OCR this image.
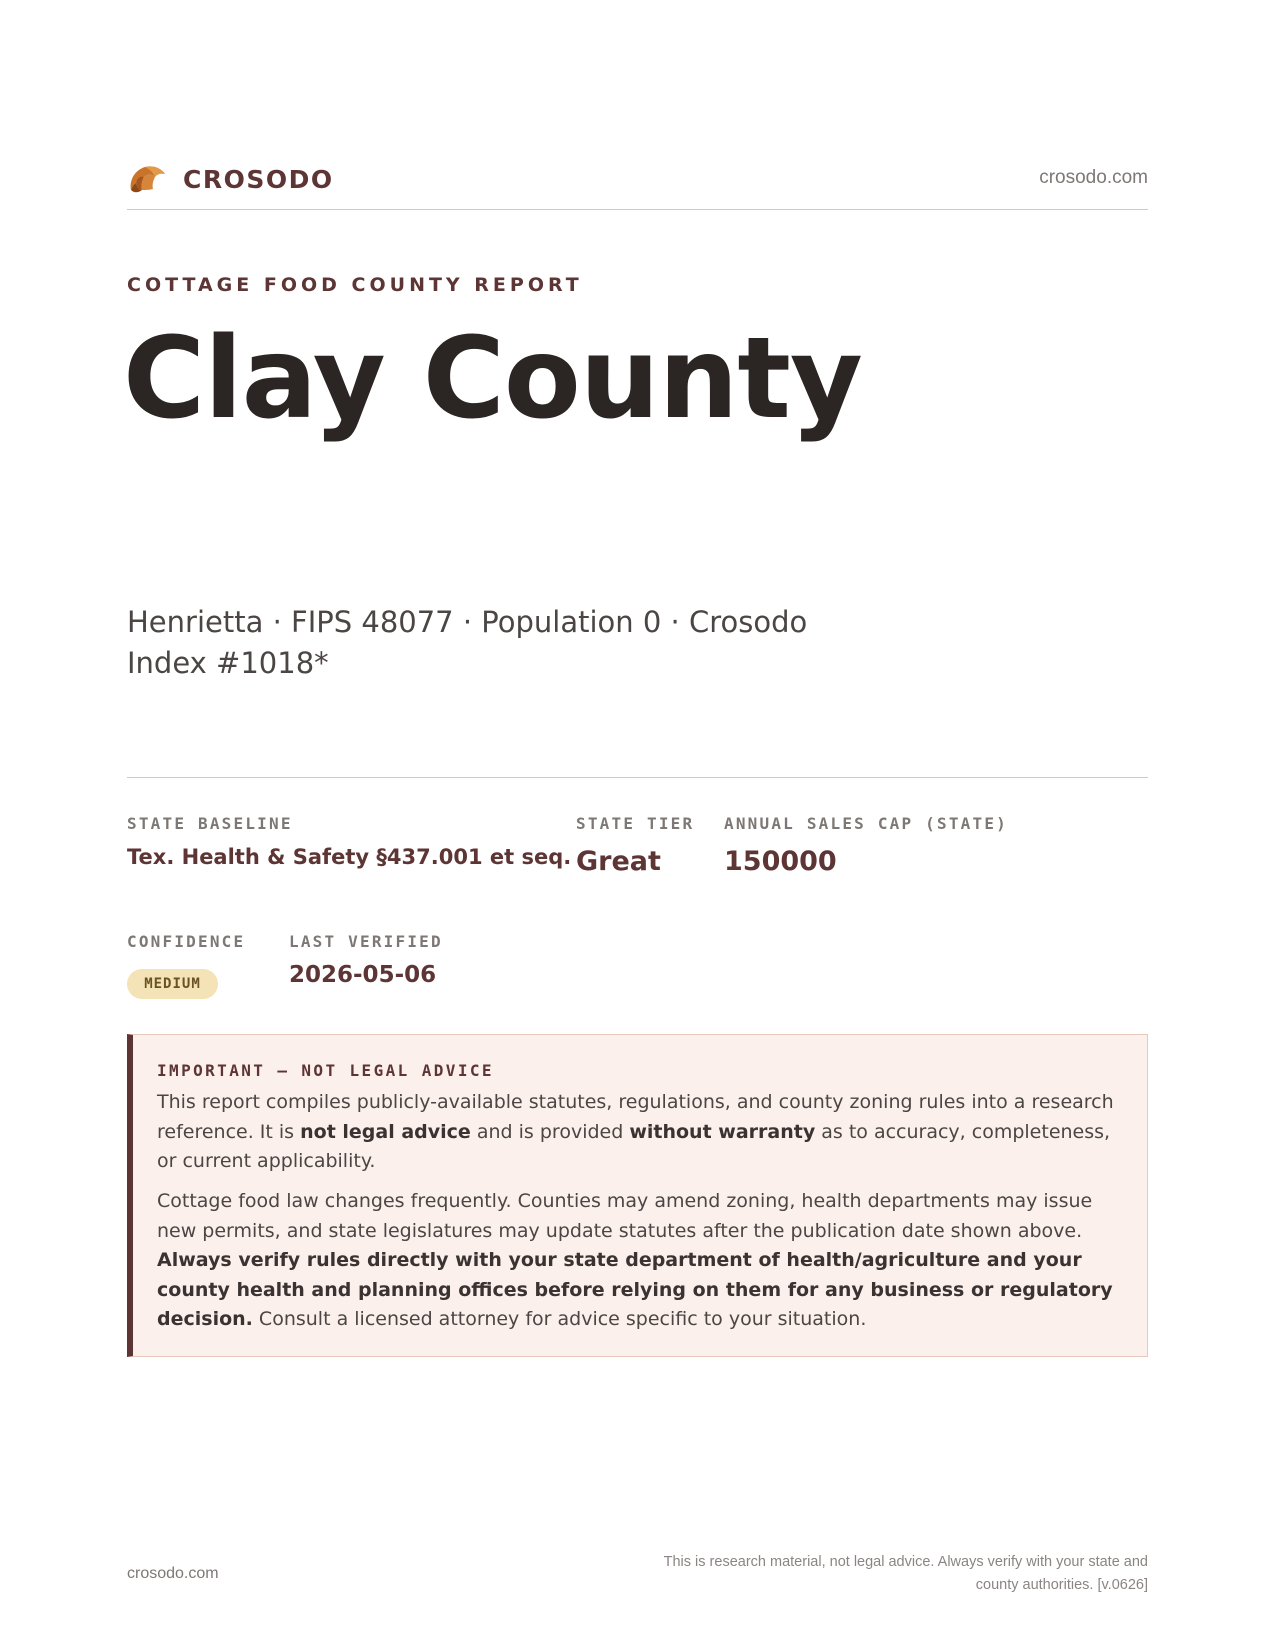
CROSODO	crosodo.com
COTTAGE FOOD COUNTY REPORT
Clay County
Henrietta · FIPS 48077 · Population 0 · Crosodo Index #1018*
STATE BASELINE
Tex. Health & Safety §437.001 et seq.
STATE TIER
Great
ANNUAL SALES CAP (STATE)
150000
CONFIDENCE
MEDIUM
LAST VERIFIED
2026-05-06
IMPORTANT — NOT LEGAL ADVICE

This report compiles publicly-available statutes, regulations, and county zoning rules into a research reference. It is not legal advice and is provided without warranty as to accuracy, completeness, or current applicability.

Cottage food law changes frequently. Counties may amend zoning, health departments may issue new permits, and state legislatures may update statutes after the publication date shown above. Always verify rules directly with your state department of health/agriculture and your county health and planning offices before relying on them for any business or regulatory decision. Consult a licensed attorney for advice specific to your situation.

crosodo.com
This is research material, not legal advice. Always verify with your state and county authorities. [v.0626]
